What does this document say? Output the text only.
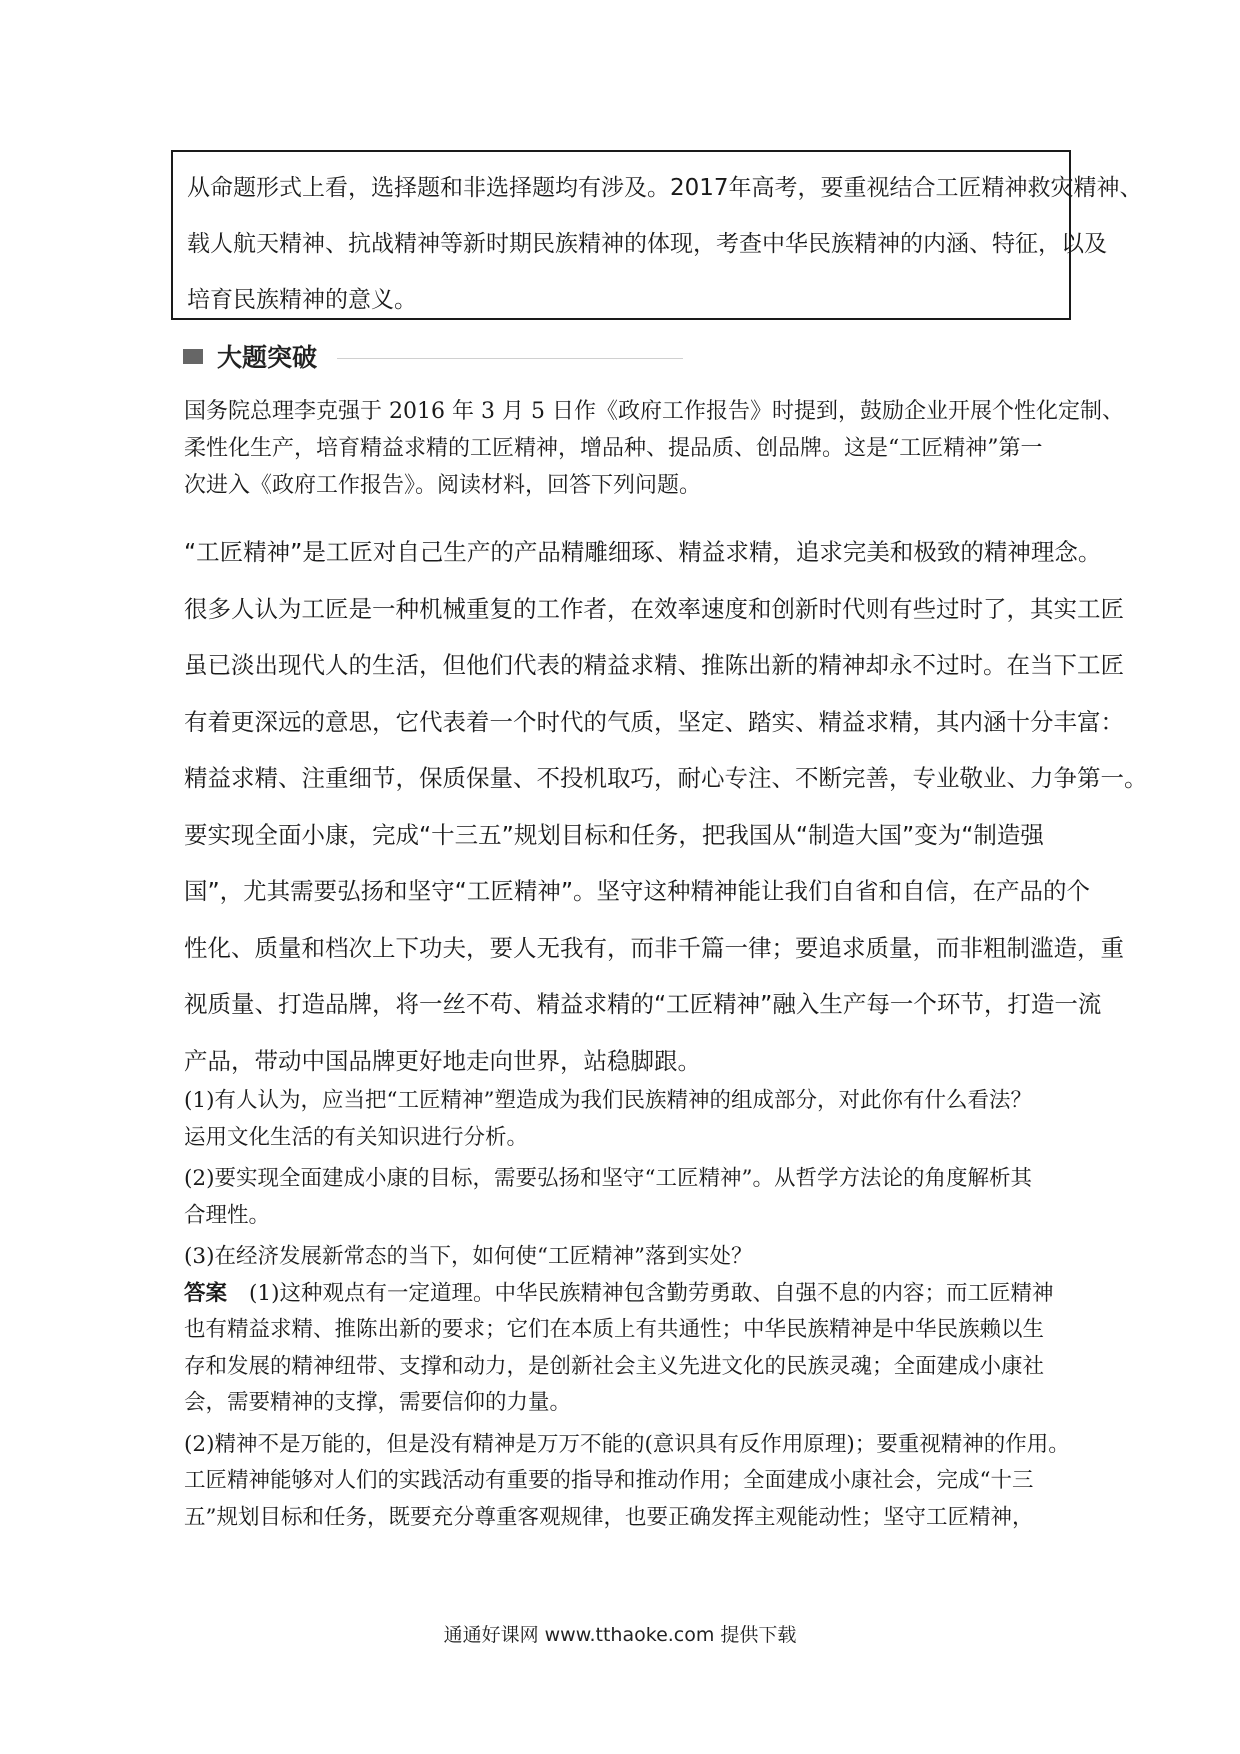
从命题形式上看，选择题和非选择题均有涉及。2017年高考，要重视结合工匠精神救灾精神、

载人航天精神、抗战精神等新时期民族精神的体现，考查中华民族精神的内涵、特征，以及

培育民族精神的意义。

大题突破

国务院总理李克强于 2016 年 3 月 5 日作《政府工作报告》时提到，鼓励企业开展个性化定制、

柔性化生产，培育精益求精的工匠精神，增品种、提品质、创品牌。这是“工匠精神”第一

次进入《政府工作报告》。阅读材料，回答下列问题。

“工匠精神”是工匠对自己生产的产品精雕细琢、精益求精，追求完美和极致的精神理念。

很多人认为工匠是一种机械重复的工作者，在效率速度和创新时代则有些过时了，其实工匠

虽已淡出现代人的生活，但他们代表的精益求精、推陈出新的精神却永不过时。在当下工匠

有着更深远的意思，它代表着一个时代的气质，坚定、踏实、精益求精，其内涵十分丰富：

精益求精、注重细节，保质保量、不投机取巧，耐心专注、不断完善，专业敬业、力争第一。

要实现全面小康，完成“十三五”规划目标和任务，把我国从“制造大国”变为“制造强

国”，尤其需要弘扬和坚守“工匠精神”。坚守这种精神能让我们自省和自信，在产品的个

性化、质量和档次上下功夫，要人无我有，而非千篇一律；要追求质量，而非粗制滥造，重

视质量、打造品牌，将一丝不苟、精益求精的“工匠精神”融入生产每一个环节，打造一流

产品，带动中国品牌更好地走向世界，站稳脚跟。

(1)有人认为，应当把“工匠精神”塑造成为我们民族精神的组成部分，对此你有什么看法？

运用文化生活的有关知识进行分析。

(2)要实现全面建成小康的目标，需要弘扬和坚守“工匠精神”。从哲学方法论的角度解析其

合理性。

(3)在经济发展新常态的当下，如何使“工匠精神”落到实处？

答案 (1)这种观点有一定道理。中华民族精神包含勤劳勇敢、自强不息的内容；而工匠精神

也有精益求精、推陈出新的要求；它们在本质上有共通性；中华民族精神是中华民族赖以生

存和发展的精神纽带、支撑和动力，是创新社会主义先进文化的民族灵魂；全面建成小康社

会，需要精神的支撑，需要信仰的力量。

(2)精神不是万能的，但是没有精神是万万不能的(意识具有反作用原理)；要重视精神的作用。

工匠精神能够对人们的实践活动有重要的指导和推动作用；全面建成小康社会，完成“十三

五”规划目标和任务，既要充分尊重客观规律，也要正确发挥主观能动性；坚守工匠精神，

通通好课网 www.tthaoke.com 提供下载
